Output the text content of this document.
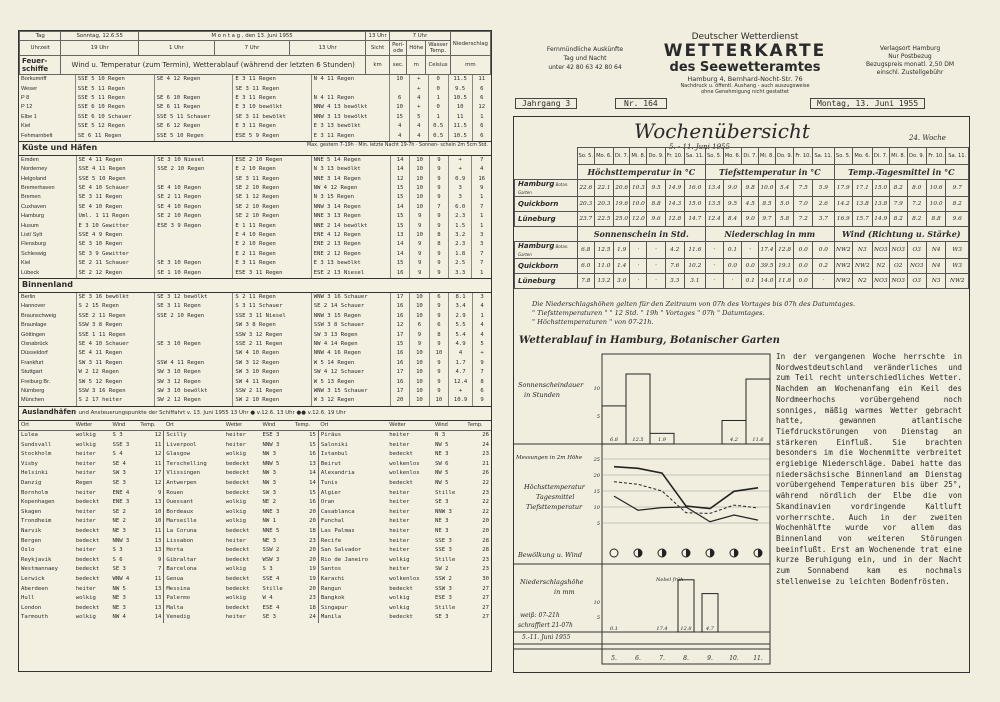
Tag	Sonntag, 12.6.55	M o n t a g , den 13. Juni 1955			13 Uhr	7 Uhr			Niederschlag
Uhrzeit	19 Uhr	1 Uhr	7 Uhr	13 Uhr	Sicht	Peri- ode	Höhe	Wasser Temp.	
Feuer-schiffe	Wind u. Temperatur (zum Termin), Wetterablauf (während der letzten 6 Stunden)				km	sec.	m	Celsius	mm
Borkumriff	SSE 5 10 Regen	SE 4 12 Regen	E 3 11 Regen	N 4 11 Regen	10	+	0	11.5	11
Weser	SSE 5 11 Regen		SE 3 11 Regen			+	0	9.5	6
P 8	SSE 5 11 Regen	SE 6 10 Regen	E 3 11 Regen	N 4 11 Regen	6	4	1	10.5	6
P 12	SSE 6 10 Regen	SE 6 11 Regen	E 3 10 bewölkt	NNW 4 13 bewölkt	10	+	0	10	12
Elbe 1	SSE 6 10 Schauer	SSE 5 11 Schauer	SE 3 11 bewölkt	NNW 3 13 bewölkt	15	5	1	11	1
Kiel	SSE 5 12 Regen	SE 6 12 Regen	E 3 11 Regen	E 3 13 bewölkt	4	4	0.5	11.5	6
Fehmarnbelt	SE 6 11 Regen	SSE 5 10 Regen	ESE 5 9 Regen	E 3 11 Regen	4	4	0.5	10.5	6
Küste und Häfen	Max. gestern 7-19h · Min. letzte Nacht 19-7h · Sonnen- schein 2m 5cm Std.
Emden	SE 4 11 Regen	SE 3 10 Niesel	ESE 2 10 Regen	NNE 5 14 Regen	14	10	9	+	7
Norderney	SSE 4 11 Regen	SSE 2 10 Regen	E 2 10 Regen	N 3 13 bewölkt	14	10	9	+	4
Helgoland	SSE 5 10 Regen		SE 3 11 Regen	NNE 3 14 Regen	12	10	9	0.9	16
Bremerhaven	SE 4 10 Schauer	SE 4 10 Regen	SE 2 10 Regen	NW 4 12 Regen	15	10	9	3	9
Bremen	SE 3 11 Regen	SE 2 11 Regen	SE 1 12 Regen	N 3 15 Regen	15	10	9	3	1
Cuxhaven	SE 4 10 Regen	SE 4 10 Regen	SE 2 10 Regen	NNW 3 14 Regen	14	10	7	6.0	7
Hamburg	Uml. 1 11 Regen	SE 2 10 Regen	SE 2 10 Regen	NNE 3 13 Regen	15	9	9	2.3	1
Husum	E 3 10 Gewitter	ESE 3 9 Regen	E 1 11 Regen	NNE 2 14 bewölkt	15	9	9	1.5	1
List/ Sylt	SSE 4 9 Regen		E 4 10 Regen	ENE 4 12 Regen	13	10	8	3.2	3
Flensburg	SE 3 10 Regen		E 2 10 Regen	ENE 2 13 Regen	14	9	8	2.3	3
Schleswig	SE 3 9 Gewitter		E 2 11 Regen	ENE 2 12 Regen	14	9	9	1.8	7
Kiel	SE 2 11 Schauer	SE 3 10 Regen	E 3 11 Regen	E 3 13 bewölkt	15	9	9	2.5	7
Lübeck	SE 2 12 Regen	SE 1 10 Regen	ESE 3 11 Regen	ESE 2 13 Niesel	16	9	9	3.3	1
Binnenland
Berlin	SE 3 16 bewölkt	SE 3 12 bewölkt	S 2 11 Regen	WNW 3 16 Schauer	17	10	6	8.1	3
Hannover	S 2 15 Regen	SE 3 11 Regen	S 3 11 Schauer	SE 2 14 Schauer	16	10	9	3.4	4
Braunschweig	SSE 2 11 Regen	SSE 2 10 Regen	SSE 3 11 Niesel	NNW 3 15 Regen	16	10	9	2.9	1
Braunlage	SSW 3 8 Regen		SW 3 8 Regen	SSW 3 8 Schauer	12	6	6	5.5	4
Göttingen	SSE 1 11 Regen		SSW 3 12 Regen	SW 3 13 Regen	17	9	8	5.4	4
Osnabrück	SE 4 10 Schauer	SE 3 10 Regen	SSE 2 11 Regen	NW 4 14 Regen	15	9	9	4.9	5
Düsseldorf	SE 4 11 Regen		SW 4 10 Regen	NNW 4 16 Regen	16	10	10	4	+
Frankfurt	SW 3 11 Regen	SSW 4 11 Regen	SW 3 12 Regen	W 5 14 Regen	16	10	9	1.7	9
Stuttgart	W 2 12 Regen	SW 3 10 Regen	SW 3 10 Regen	SW 4 12 Schauer	17	10	9	4.7	7
Freiburg Br.	SW 5 12 Regen	SW 3 12 Regen	SW 4 11 Regen	W 5 13 Regen	16	10	9	12.4	8
Nürnberg	SSW 3 16 Regen	SW 3 10 bewölkt	SSW 2 11 Regen	WNW 3 15 Schauer	17	10	9	+	6
München	S 2 17 heiter	SW 2 12 Regen	SW 2 10 Regen	W 3 12 Regen	20	10	10	10.9	9
Auslandhäfen und Ansteuerungspunkte der Schiffahrt v. 13. Juni 1955 13 Uhr ● v.12.6. 13 Uhr ●● v.12.6. 19 Uhr
Ort	Wetter	Wind	Temp.	Ort	Wetter	Wind	Temp.	Ort	Wetter	Wind	Temp.
Lulea	wolkig	S 3	12	Scilly	heiter	ESE 3	15	Piräus	heiter	N 3	26
Sundsvall	wolkig	SSE 3	11	Liverpool	heiter	NNW 3	15	Saloniki	heiter	NW 5	24
Stockholm	heiter	S 4	12	Glasgow	wolkig	NW 3	16	Istanbul	bedeckt	NE 3	23
Visby	heiter	SE 4	11	Terschelling	bedeckt	NNW 5	13	Beirut	wolkenlos	SW 6	21
Helsinki	heiter	SW 3	17	Vlissingen	bedeckt	NW 3	14	Alexandria	wolkenlos	NW 5	26
Danzig	Regen	SE 3	12	Antwerpen	bedeckt	NW 3	14	Tunis	bedeckt	NW 5	22
Bornholm	heiter	ENE 4	9	Rouen	bedeckt	SW 3	15	Algier	heiter	Stille	23
Kopenhagen	bedeckt	ENE 3	13	Ouessant	wolkig	NE 2	16	Oran	heiter	SE 3	22
Skagen	heiter	SE 2	10	Bordeaux	wolkig	NNE 3	20	Casablanca	heiter	NNW 3	22
Trondheim	heiter	NE 2	10	Marseille	wolkig	NW 1	20	Funchal	heiter	NE 3	20
Narvik	bedeckt	NE 3	11	La Coruna	bedeckt	NNE 5	18	Las Palmas	heiter	NE 3	20
Bergen	bedeckt	NNW 3	13	Lissabon	heiter	NE 3	23	Recife	heiter	SSE 3	28
Oslo	heiter	S 3	13	Horta	bedeckt	SSW 2	20	San Salvador	heiter	SSE 3	28
Reykjavik	bedeckt	S 6	9	Gibraltar	bedeckt	WSW 3	20	Rio de Janeiro	wolkig	Stille	23
Westmannaey	bedeckt	SE 3	7	Barcelona	wolkig	S 3	19	Santos	heiter	SW 2	23
Lerwick	bedeckt	WNW 4	11	Genua	bedeckt	SSE 4	19	Karachi	wolkenlos	SSW 2	30
Aberdeen	heiter	NW 5	13	Messina	bedeckt	Stille	20	Rangun	bedeckt	SSW 3	27
Hull	wolkig	NE 3	13	Palermo	wolkig	W 4	23	Bangkok	wolkig	ESE 3	27
London	bedeckt	NE 3	13	Malta	bedeckt	ESE 4	18	Singapur	wolkig	Stille	27
Tarmouth	wolkig	NW 4	14	Venedig	heiter	SE 3	24	Manila	bedeckt	SE 3	27
Fernmündliche Auskünfte
Tag und Nacht
unter 42 80 63 42 80 64
Deutscher Wetterdienst
WETTERKARTE
des Seewetteramtes
Hamburg 4, Bernhard-Nocht-Str. 76
Nachdruck u. öffentl. Aushang - auch auszugsweise
ohne Genehmigung nicht gestattet
Verlagsort Hamburg
Nur Postbezug
Bezugspreis monatl. 2,50 DM
einschl. Zustellgebühr
Jahrgang 3	Nr. 164	Montag, 13. Juni 1955
Wochenübersicht
5. - 11. Juni 1955
24. Woche
	So. 5.	Mo. 6.	Di. 7.	Mi. 8.	Do. 9.	Fr. 10.	Sa. 11.	So. 5.	Mo. 6.	Di. 7.	Mi. 8.	Do. 9.	Fr. 10.	Sa. 11.	So. 5.	Mo. 6.	Di. 7.	Mi. 8.	Do. 9.	Fr. 10.	Sa. 11.
	Höchsttemperatur in °C							Tiefsttemperatur in °C							Temp.-Tagesmittel in °C						
Hamburg Botan. Garten	22.6	22.1	20.6	10.3	9.5	14.9	16.0	13.4	9.0	9.8	10.0	5.4	7.5	5.9	17.9	17.1	15.0	8.2	8.0	10.6	9.7
Quickborn	20.3	20.3	19.6	10.0	8.8	14.3	15.0	13.5	9.5	4.5	8.5	5.0	7.0	2.6	14.2	13.8	13.8	7.9	7.2	10.0	8.2
Lüneburg	23.7	22.5	25.0	12.0	9.6	12.8	14.7	12.4	8.4	9.0	9.7	5.8	7.2	3.7	16.9	15.7	14.9	8.2	8.2	8.8	9.6
	Sonnenschein in Std.							Niederschlag in mm							Wind (Richtung u. Stärke)						
Hamburg Botan. Garten	6.8	12.5	1.9	·	·	4.2	11.6	·	0.1	·	17.4	12.8	0.0	0.0	NW2	N3	NO3	NO3	O3	N4	W3
Quickborn	6.0	11.0	1.4	·	·	7.6	10.2	·	0.0	0.0	39.5	19.1	0.0	0.2	NW2	NW2	N2	O2	NO3	N4	W3
Lüneburg	7.8	13.2	3.0	·	·	3.3	3.1	·	·	0.1	14.0	11.8	0.0	·	NW2	N2	NO3	NO3	O3	N3	NW2
Die Niederschlagshöhen gelten für den Zeitraum von 07h des Vortages bis 07h des Datumtages.
" Tiefsttemperaturen " " 12 Std. " 19h " Vortages " 07h " Datumtages.
" Höchsttemperaturen " von 07-21h.
Wetterablauf in Hamburg, Botanischer Garten
Sonnenscheindauer
in Stunden
Messungen in 2m Höhe
Höchsttemperatur
Tagesmittel
Tiefsttemperatur
Bewölkung u. Wind
Niederschlagshöhe
in mm
weiß: 07-21h
schraffiert 21-07h
5.-11. Juni 1955
6.8	12.5	1.9	4.2	11.6
10
5
25
20
15
10
5
0.1	17.4	12.8	4.7
10
5
Nebel früh
5.	6.	7.	8.	9.	10. 11.
In der vergangenen Woche herrschte in Nordwestdeutschland veränderliches und zum Teil recht unterschiedliches Wetter. Nachdem am Wochenanfang ein Keil des Nordmeerhochs vorübergehend noch sonniges, mäßig warmes Wetter gebracht hatte, gewannen atlantische Tiefdruckstörungen von Dienstag an stärkeren Einfluß. Sie brachten besonders im die Wochenmitte verbreitet ergiebige Niederschläge. Dabei hatte das niedersächsische Binnenland am Dienstag vorübergehend Temperaturen bis über 25°, während nördlich der Elbe die von Skandinavien vordringende Kaltluft vorherrschte. Auch in der zweiten Wochenhälfte wurde vor allem das Binnenland von weiteren Störungen beeinflußt. Erst am Wochenende trat eine kurze Beruhigung ein, und in der Nacht zum Sonnabend kam es nochmals stellenweise zu leichten Bodenfrösten.
